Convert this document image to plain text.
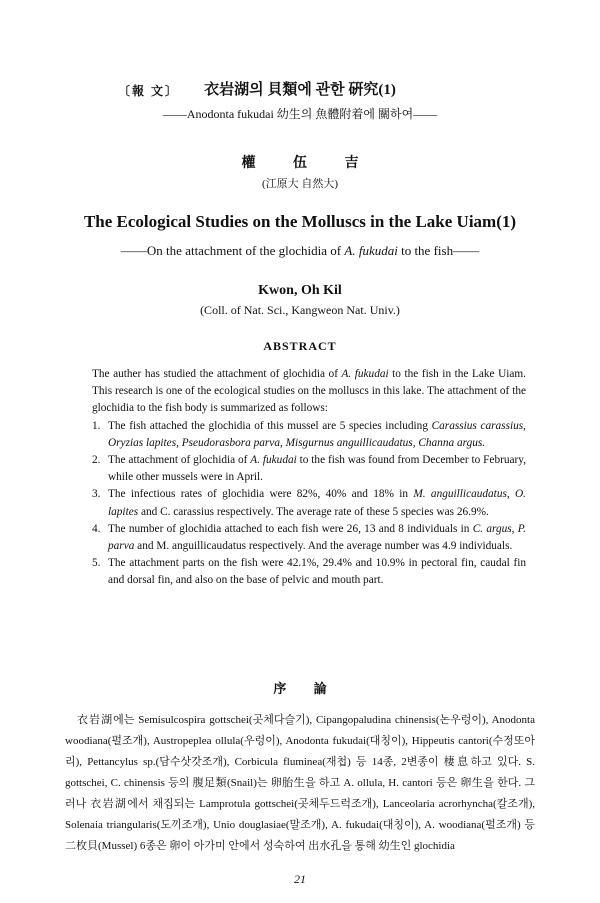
〔報 文〕	衣岩湖의 貝類에 관한 硏究(1)
——Anodonta fukudai 幼生의 魚體附着에 關하여——
權 伍 吉
(江原大 自然大)
The Ecological Studies on the Molluscs in the Lake Uiam(1)
——On the attachment of the glochidia of A. fukudai to the fish——
Kwon, Oh Kil
(Coll. of Nat. Sci., Kangweon Nat. Univ.)
ABSTRACT

The auther has studied the attachment of glochidia of A. fukudai to the fish in the Lake Uiam. This research is one of the ecological studies on the molluscs in this lake. The attachment of the glochidia to the fish body is summarized as follows:

1. The fish attached the glochidia of this mussel are 5 species including Carassius carassius, Oryzias lapites, Pseudorasbora parva, Misgurnus anguillicaudatus, Channa argus.
2. The attachment of glochidia of A. fukudai to the fish was found from December to February, while other mussels were in April.
3. The infectious rates of glochidia were 82%, 40% and 18% in M. anguillicaudatus, O. lapites and C. carassius respectively. The average rate of these 5 species was 26.9%.
4. The number of glochidia attached to each fish were 26, 13 and 8 individuals in C. argus, P. parva and M. anguillicaudatus respectively. And the average number was 4.9 individuals.
5. The attachment parts on the fish were 42.1%, 29.4% and 10.9% in pectoral fin, caudal fin and dorsal fin, and also on the base of pelvic and mouth part.
序 論

衣岩湖에는 Semisulcospira gottschei(곳체다슬기), Cipangopaludina chinensis(논우렁이), Anodonta woodiana(펄조개), Austropeplea ollula(우렁이), Anodonta fukudai(대칭이), Hippeutis cantori(수정또아리), Pettancylus sp.(담수삿갓조개), Corbicula fluminea(재첩) 등 14종, 2변종이 棲息하고 있다. S. gottschei, C. chinensis 등의 腹足類(Snail)는 卵胎生을 하고 A. ollula, H. cantori 등은 卵生을 한다. 그러나 衣岩湖에서 채집되는 Lamprotula gottschei(곳체두드럭조개), Lanceolaria acrorhyncha(칼조개), Solenaia triangularis(도끼조개), Unio douglasiae(말조개), A. fukudai(대칭이), A. woodiana(펄조개) 등 二枚貝(Mussel) 6종은 卵이 아가미 안에서 성숙하여 出水孔을 통해 幼生인 glochidia

21
